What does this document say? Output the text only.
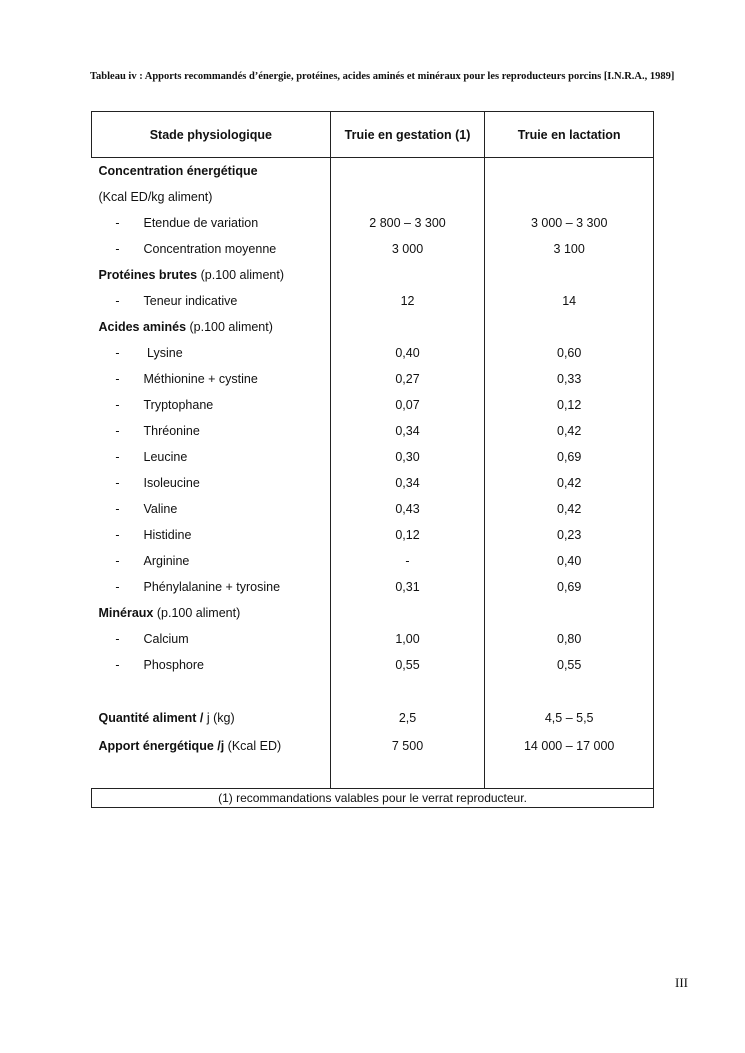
Tableau iv : Apports recommandés d’énergie, protéines, acides aminés et minéraux pour les reproducteurs porcins [I.N.R.A., 1989]
Stade physiologique	Truie en gestation (1)	Truie en lactation
Concentration énergétique		
(Kcal ED/kg aliment)		
- Etendue de variation	2 800 – 3 300	3 000 – 3 300
- Concentration moyenne	3 000	3 100
Protéines brutes (p.100 aliment)		
- Teneur indicative	12	14
Acides aminés (p.100 aliment)		
- Lysine	0,40	0,60
- Méthionine + cystine	0,27	0,33
- Tryptophane	0,07	0,12
- Thréonine	0,34	0,42
- Leucine	0,30	0,69
- Isoleucine	0,34	0,42
- Valine	0,43	0,42
- Histidine	0,12	0,23
- Arginine	-	0,40
- Phénylalanine + tyrosine	0,31	0,69
Minéraux (p.100 aliment)		
- Calcium	1,00	0,80
- Phosphore	0,55	0,55

Quantité aliment / j (kg)	2,5	4,5 – 5,5
Apport énergétique /j (Kcal ED)	7 500	14 000 – 17 000

(1) recommandations valables pour le verrat reproducteur.		
III
